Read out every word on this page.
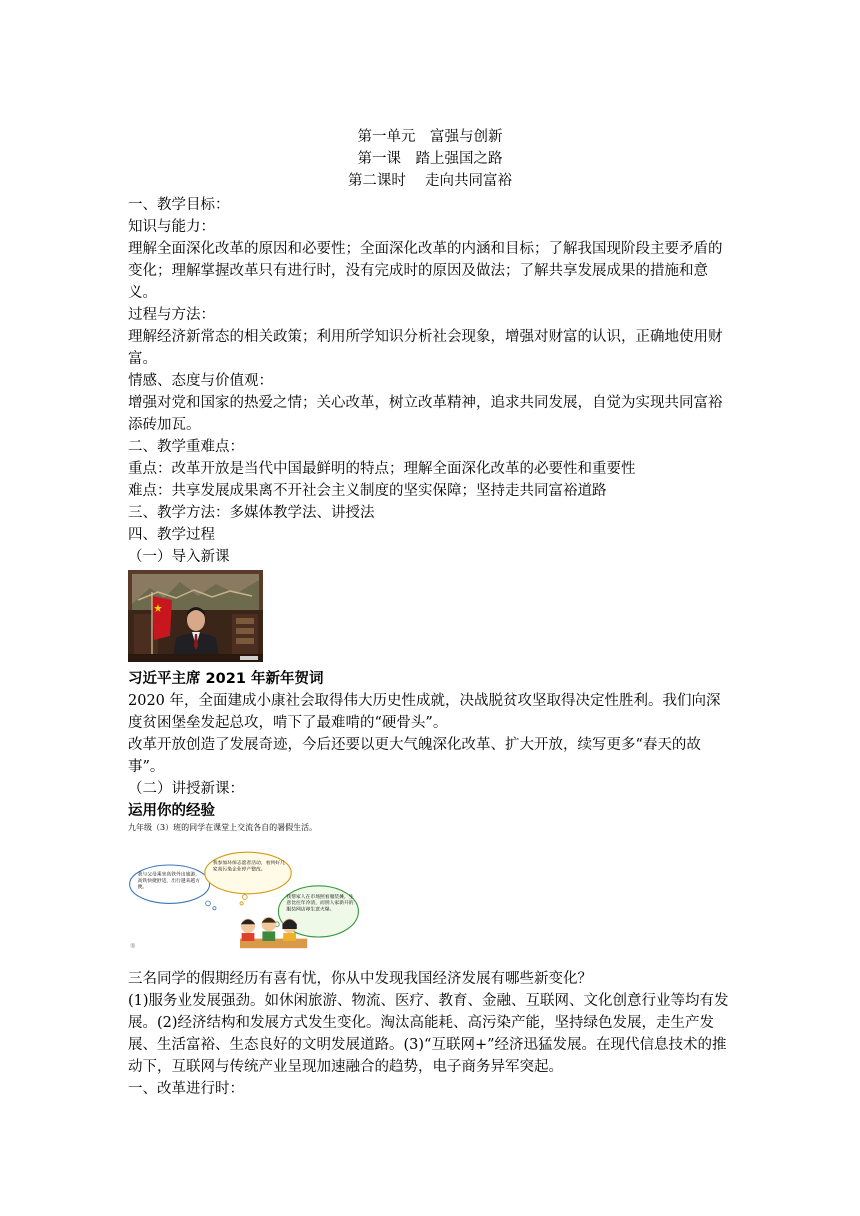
第一单元　富强与创新
第一课　踏上强国之路
第二课时　 走向共同富裕

一、教学目标：

知识与能力：

理解全面深化改革的原因和必要性；全面深化改革的内涵和目标；了解我国现阶段主要矛盾的变化；理解掌握改革只有进行时，没有完成时的原因及做法；了解共享发展成果的措施和意义。

过程与方法：

理解经济新常态的相关政策；利用所学知识分析社会现象，增强对财富的认识，正确地使用财富。

情感、态度与价值观：

增强对党和国家的热爱之情；关心改革，树立改革精神，追求共同发展，自觉为实现共同富裕添砖加瓦。

二、教学重难点：

重点：改革开放是当代中国最鲜明的特点；理解全面深化改革的必要性和重要性

难点：共享发展成果离不开社会主义制度的坚实保障；坚持走共同富裕道路

三、教学方法：多媒体教学法、讲授法

四、教学过程

（一）导入新课

习近平主席 2021 年新年贺词

2020 年，全面建成小康社会取得伟大历史性成就，决战脱贫攻坚取得决定性胜利。我们向深度贫困堡垒发起总攻，啃下了最难啃的“硬骨头”。

改革开放创造了发展奇迹，今后还要以更大气魄深化改革、扩大开放，续写更多“春天的故事”。

（二）讲授新课：

运用你的经验

九年级（3）班的同学在课堂上交流各自的暑假生活。

我与父母乘坐高铁外出旅游，高铁快捷舒适，出行越来越方便。
我参加环保志愿者活动，看到好几家高污染企业停产整改。
我帮家人在市场照看服装摊，生意比往年冷清，而别人家新开的服装网店却生意火爆。
®

三名同学的假期经历有喜有忧，你从中发现我国经济发展有哪些新变化？

(1)服务业发展强劲。如休闲旅游、物流、医疗、教育、金融、互联网、文化创意行业等均有发展。(2)经济结构和发展方式发生变化。淘汰高能耗、高污染产能，坚持绿色发展，走生产发展、生活富裕、生态良好的文明发展道路。(3)“互联网+”经济迅猛发展。在现代信息技术的推动下，互联网与传统产业呈现加速融合的趋势，电子商务异军突起。

一、改革进行时：
